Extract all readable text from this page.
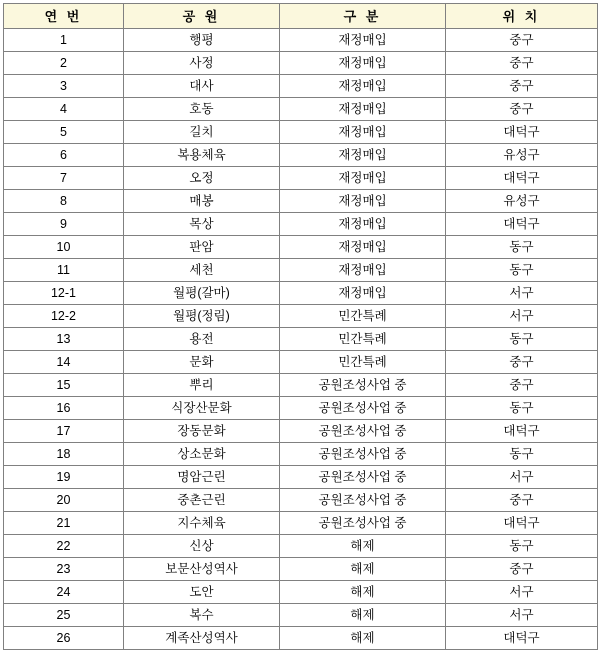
연 번	공 원	구 분	위 치
1	행평	재정매입	중구
2	사정	재정매입	중구
3	대사	재정매입	중구
4	호동	재정매입	중구
5	길치	재정매입	대덕구
6	복용체육	재정매입	유성구
7	오정	재정매입	대덕구
8	매봉	재정매입	유성구
9	목상	재정매입	대덕구
10	판암	재정매입	동구
11	세천	재정매입	동구
12-1	월평(갈마)	재정매입	서구
12-2	월평(정림)	민간특례	서구
13	용전	민간특례	동구
14	문화	민간특례	중구
15	뿌리	공원조성사업 중	중구
16	식장산문화	공원조성사업 중	동구
17	장동문화	공원조성사업 중	대덕구
18	상소문화	공원조성사업 중	동구
19	명암근린	공원조성사업 중	서구
20	중촌근린	공원조성사업 중	중구
21	지수체육	공원조성사업 중	대덕구
22	신상	해제	동구
23	보문산성역사	해제	중구
24	도안	해제	서구
25	복수	해제	서구
26	계족산성역사	해제	대덕구
